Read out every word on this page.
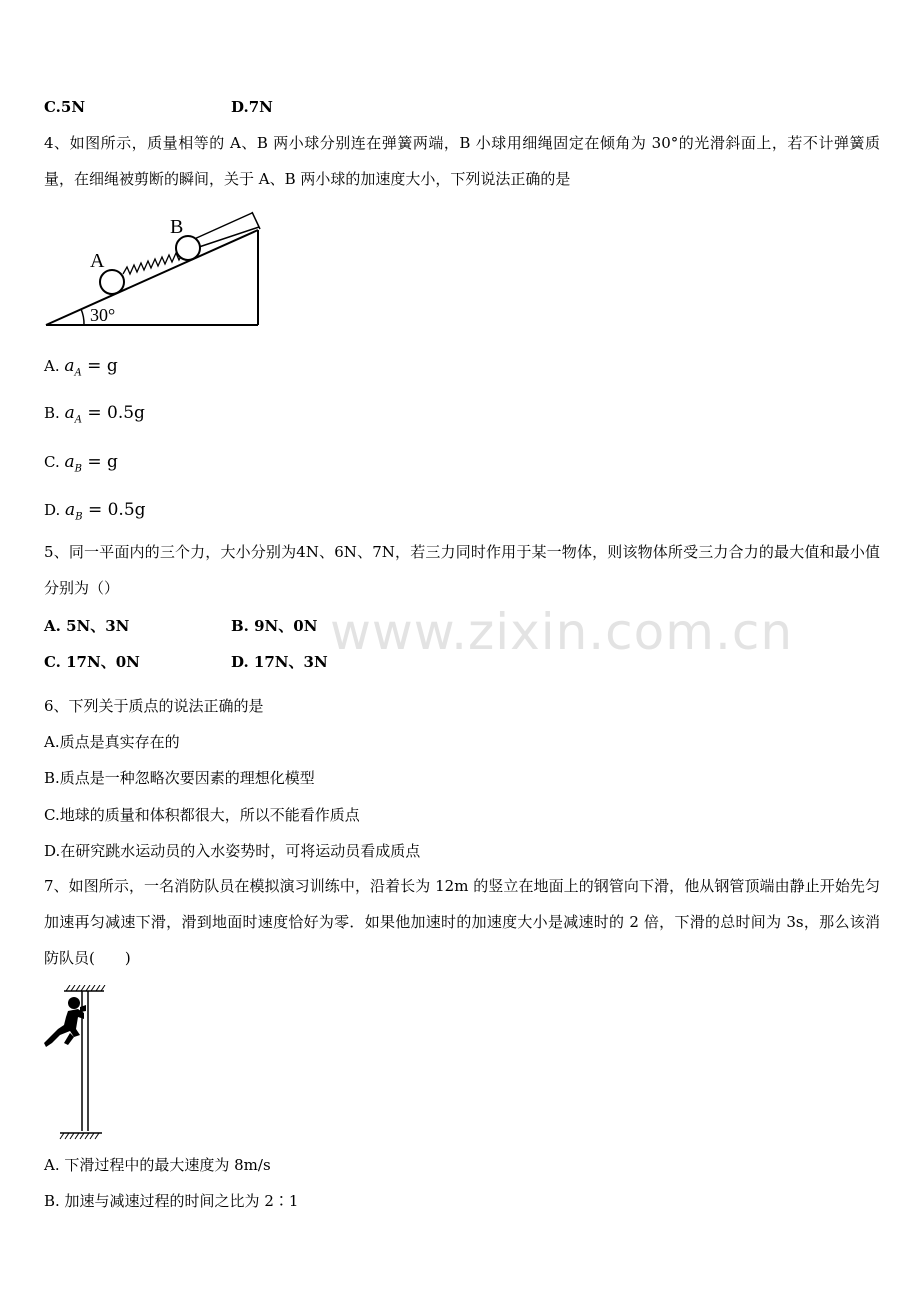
C.5N	D.7N
4、如图所示，质量相等的 A、B 两小球分别连在弹簧两端，B 小球用细绳固定在倾角为 30°的光滑斜面上，若不计弹簧质量，在细绳被剪断的瞬间，关于 A、B 两小球的加速度大小，下列说法正确的是
A
B
30°
A. $a_A = g$
B. $a_A = 0.5g$
C. $a_B = g$
D. $a_B = 0.5g$
5、同一平面内的三个力，大小分别为4N、6N、7N，若三力同时作用于某一物体，则该物体所受三力合力的最大值和最小值分别为（）
A. 5N、3N	B. 9N、0N
C. 17N、0N	D. 17N、3N
www.zixin.com.cn
6、下列关于质点的说法正确的是
A.质点是真实存在的
B.质点是一种忽略次要因素的理想化模型
C.地球的质量和体积都很大，所以不能看作质点
D.在研究跳水运动员的入水姿势时，可将运动员看成质点
7、如图所示，一名消防队员在模拟演习训练中，沿着长为 12m 的竖立在地面上的钢管向下滑，他从钢管顶端由静止开始先匀加速再匀减速下滑，滑到地面时速度恰好为零．如果他加速时的加速度大小是减速时的 2 倍，下滑的总时间为 3s，那么该消防队员(　　)
A. 下滑过程中的最大速度为 8m/s
B. 加速与减速过程的时间之比为 2∶1
